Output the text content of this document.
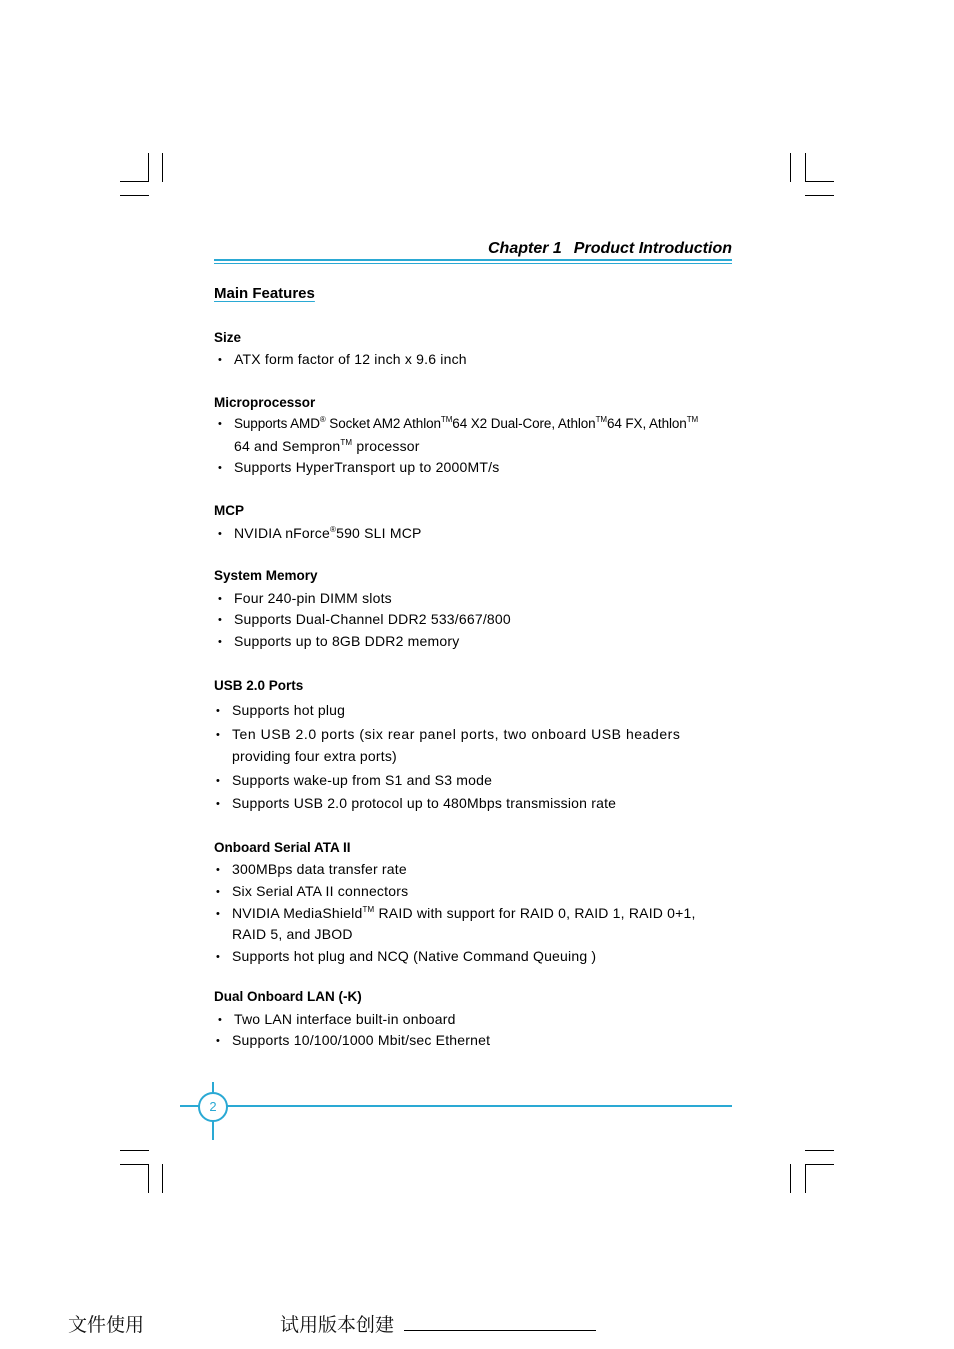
Chapter 1 Product Introduction
Main Features
Size
• ATX form factor of 12 inch x 9.6 inch
Microprocessor
• Supports AMD® Socket AM2 Athlon™64 X2 Dual-Core, Athlon™64 FX, Athlon™
64 and Sempron™ processor
• Supports HyperTransport up to 2000MT/s
MCP
• NVIDIA nForce®590 SLI MCP
System Memory
• Four 240-pin DIMM slots
• Supports Dual-Channel DDR2 533/667/800
• Supports up to 8GB DDR2 memory
USB 2.0 Ports
• Supports hot plug
• Ten USB 2.0 ports (six rear panel ports, two onboard USB headers
providing four extra ports)
• Supports wake-up from S1 and S3 mode
• Supports USB 2.0 protocol up to 480Mbps transmission rate
Onboard Serial ATA II
• 300MBps data transfer rate
• Six Serial ATA II connectors
• NVIDIA MediaShield™ RAID with support for RAID 0, RAID 1, RAID 0+1,
RAID 5, and JBOD
• Supports hot plug and NCQ (Native Command Queuing )
Dual Onboard LAN (-K)
• Two LAN interface built-in onboard
• Supports 10/100/1000 Mbit/sec Ethernet
2
文件使用	试用版本创建
